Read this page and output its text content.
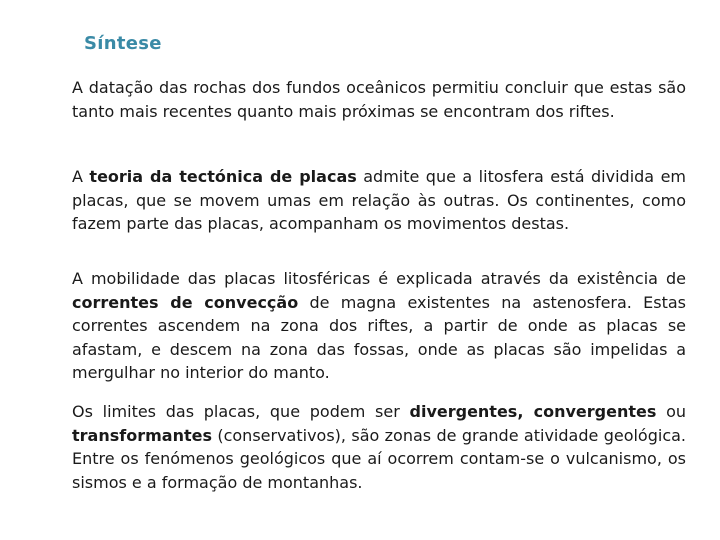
Síntese

A datação das rochas dos fundos oceânicos permitiu concluir que estas são tanto mais recentes quanto mais próximas se encontram dos riftes.

A teoria da tectónica de placas admite que a litosfera está dividida em placas, que se movem umas em relação às outras. Os continentes, como fazem parte das placas, acompanham os movimentos destas.

A mobilidade das placas litosféricas é explicada através da existência de correntes de convecção de magna existentes na astenosfera. Estas correntes ascendem na zona dos riftes, a partir de onde as placas se afastam, e descem na zona das fossas, onde as placas são impelidas a mergulhar no interior do manto.

Os limites das placas, que podem ser divergentes, convergentes ou transformantes (conservativos), são zonas de grande atividade geológica. Entre os fenómenos geológicos que aí ocorrem contam-se o vulcanismo, os sismos e a formação de montanhas.
